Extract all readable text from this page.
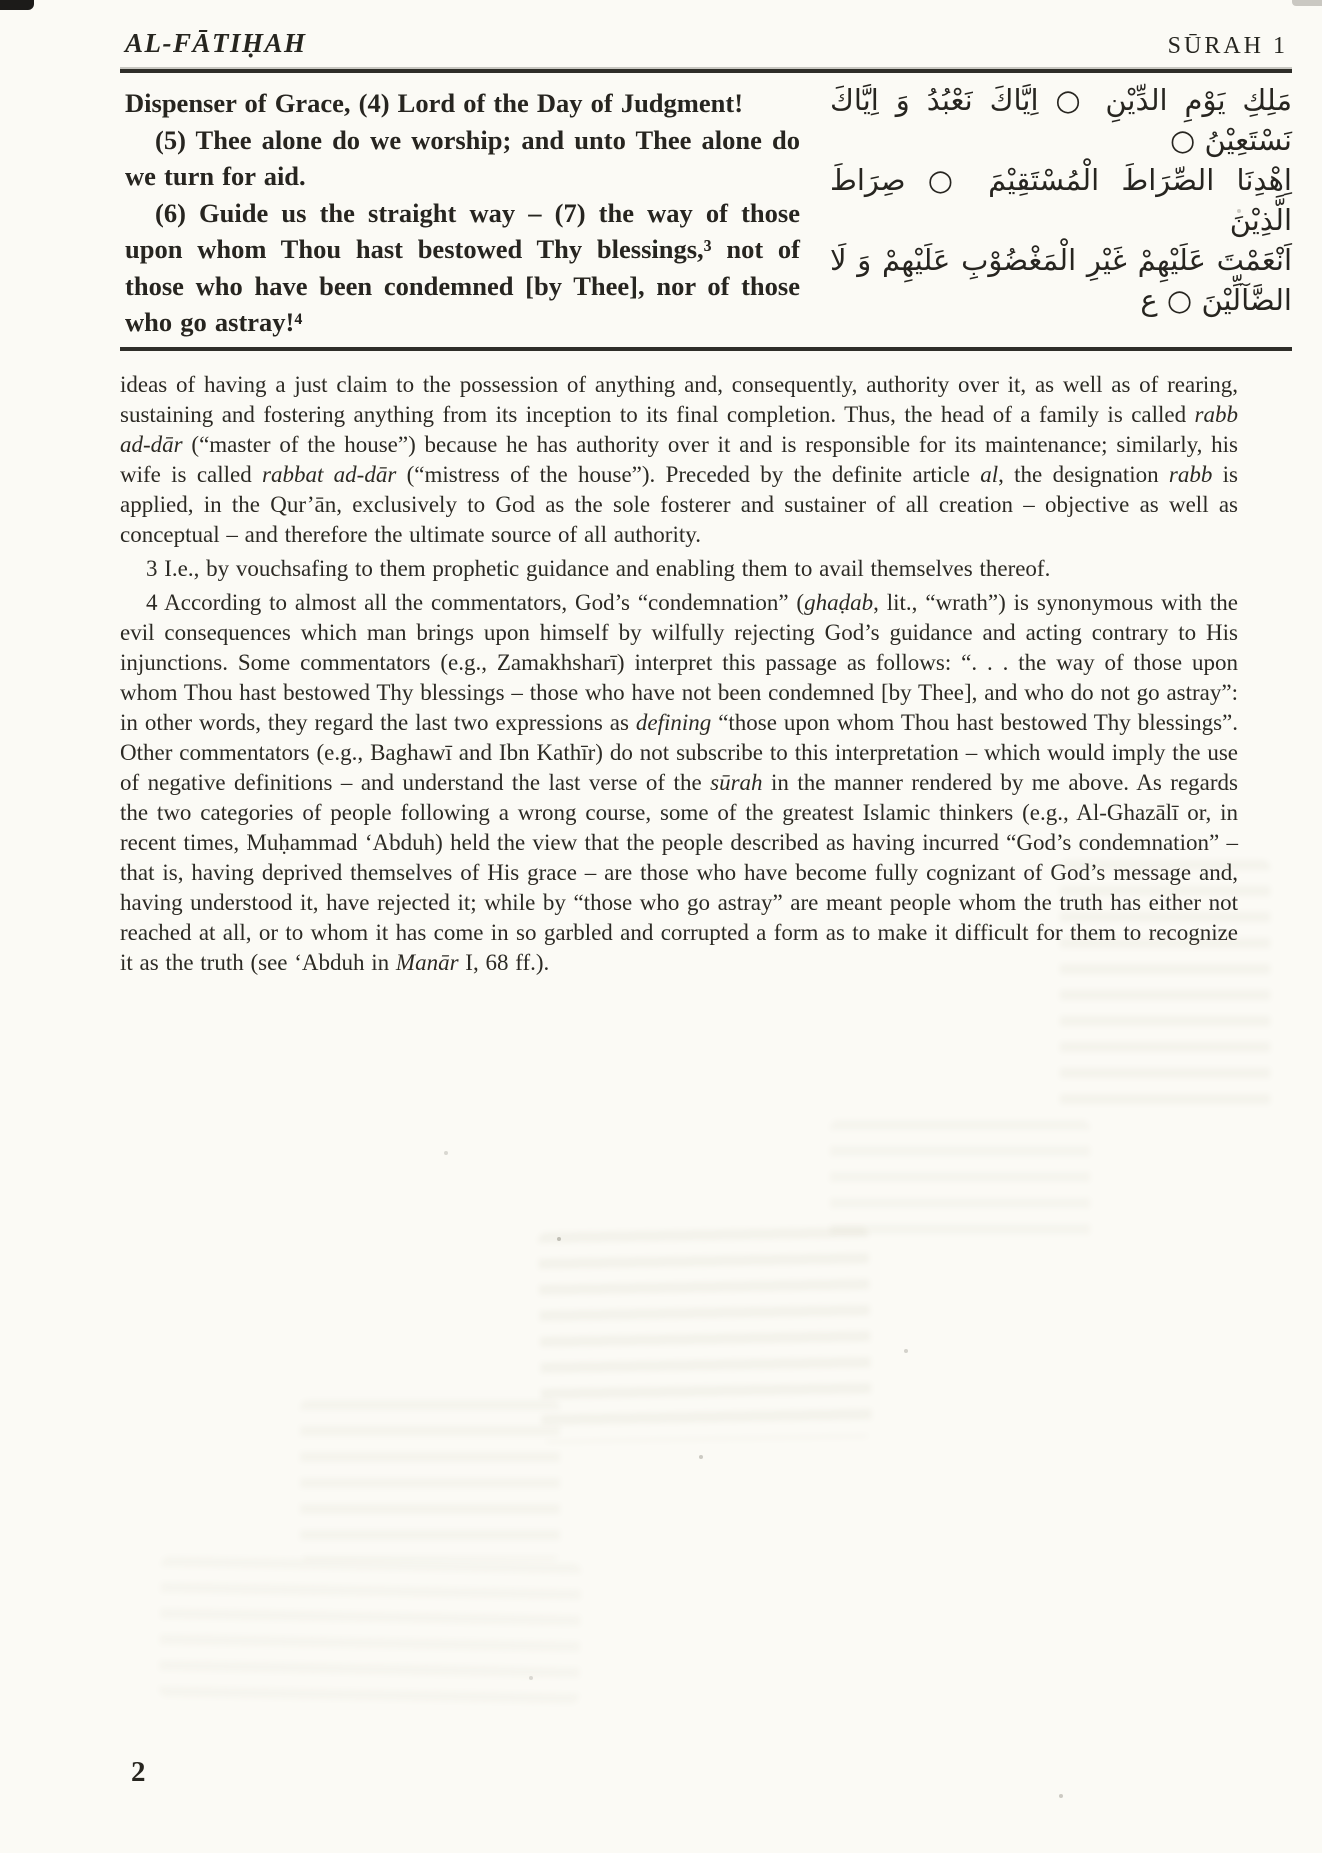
AL-FĀTIḤAH	SŪRAH 1

Dispenser of Grace, (4) Lord of the Day of Judgment!

(5) Thee alone do we worship; and unto Thee alone do we turn for aid.

(6) Guide us the straight way – (7) the way of those upon whom Thou hast bestowed Thy blessings,³ not of those who have been condemned [by Thee], nor of those who go astray!⁴

مَلِكِ يَوْمِ الدِّيْنِ ○ اِيَّاكَ نَعْبُدُ وَ اِيَّاكَ
نَسْتَعِيْنُ ○
اِهْدِنَا الصِّرَاطَ الْمُسْتَقِيْمَ ○ صِرَاطَ الَّذِيْنَ
اَنْعَمْتَ عَلَيْهِمْ غَيْرِ الْمَغْضُوْبِ عَلَيْهِمْ وَ لَا
الضَّآلِّيْنَ ○ ع

ideas of having a just claim to the possession of anything and, consequently, authority over it, as well as of rearing, sustaining and fostering anything from its inception to its final completion. Thus, the head of a family is called rabb ad-dār (“master of the house”) because he has authority over it and is responsible for its maintenance; similarly, his wife is called rabbat ad-dār (“mistress of the house”). Preceded by the definite article al, the designation rabb is applied, in the Qur’ān, exclusively to God as the sole fosterer and sustainer of all creation – objective as well as conceptual – and therefore the ultimate source of all authority.

3 I.e., by vouchsafing to them prophetic guidance and enabling them to avail themselves thereof.

4 According to almost all the commentators, God’s “condemnation” (ghaḍab, lit., “wrath”) is synonymous with the evil consequences which man brings upon himself by wilfully rejecting God’s guidance and acting contrary to His injunctions. Some commentators (e.g., Zamakhsharī) interpret this passage as follows: “. . . the way of those upon whom Thou hast bestowed Thy blessings – those who have not been condemned [by Thee], and who do not go astray”: in other words, they regard the last two expressions as defining “those upon whom Thou hast bestowed Thy blessings”. Other commentators (e.g., Baghawī and Ibn Kathīr) do not subscribe to this interpretation – which would imply the use of negative definitions – and understand the last verse of the sūrah in the manner rendered by me above. As regards the two categories of people following a wrong course, some of the greatest Islamic thinkers (e.g., Al-Ghazālī or, in recent times, Muḥammad ‘Abduh) held the view that the people described as having incurred “God’s condemnation” – that is, having deprived themselves of His grace – are those who have become fully cognizant of God’s message and, having understood it, have rejected it; while by “those who go astray” are meant people whom the truth has either not reached at all, or to whom it has come in so garbled and corrupted a form as to make it difficult for them to recognize it as the truth (see ‘Abduh in Manār I, 68 ff.).

2
